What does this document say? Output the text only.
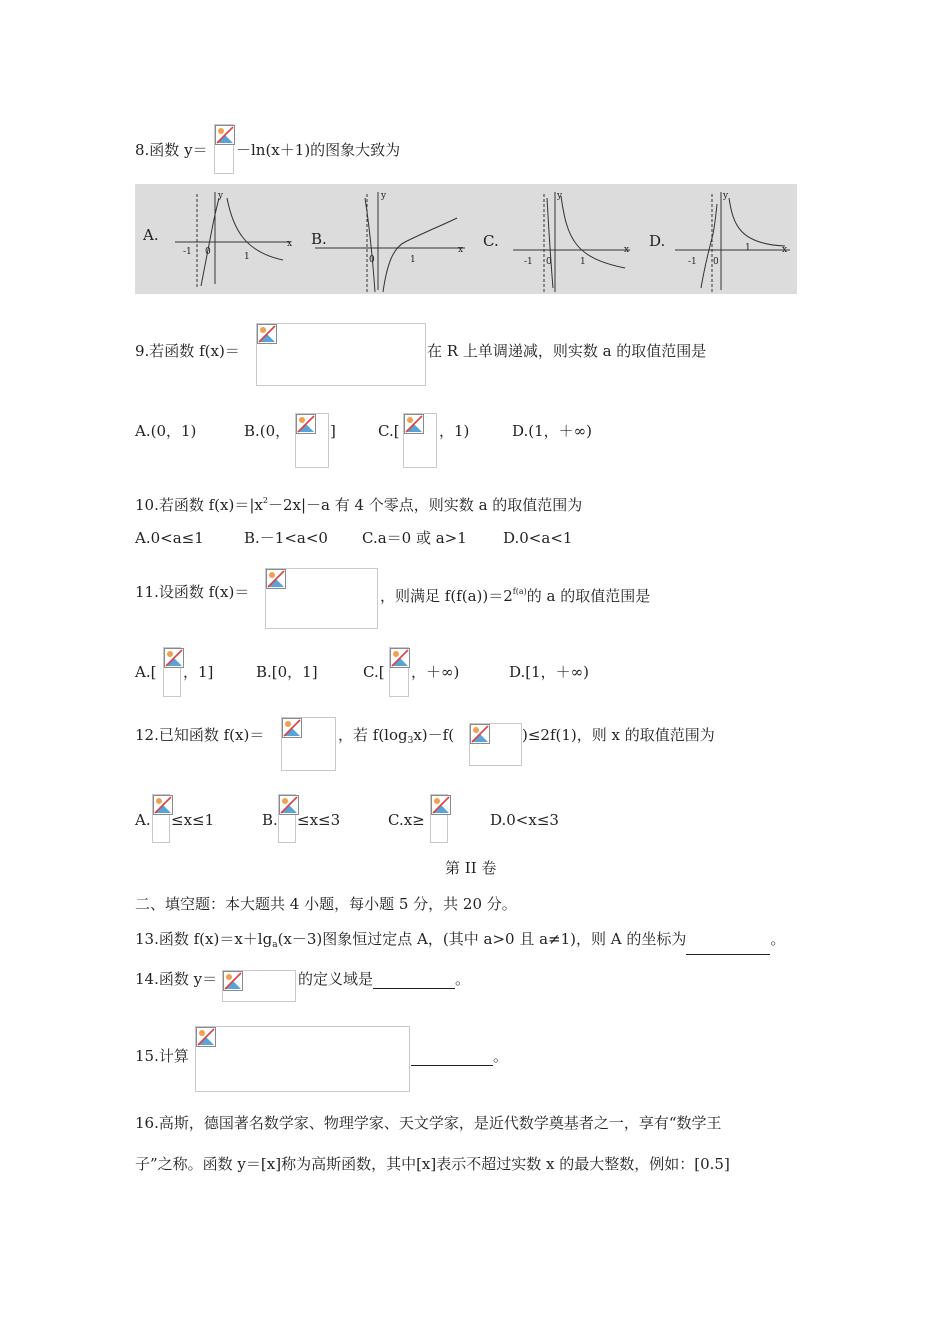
8.函数 y＝ －ln(x＋1)的图象大致为
A.	B.	C.	D.
9.若函数 f(x)＝	在 R 上单调递减，则实数 a 的取值范围是
A.(0，1)	B.(0，	]	C.[	，1)	D.(1，＋∞)
10.若函数 $f(x)=|x^2-2x|-a$ 有 4 个零点，则实数 a 的取值范围为
A.0<a≤1	B.－1<a<0 C.a＝0 或 a>1 D.0<a<1
11.设函数 f(x)＝	，则满足 $f(f(a))=2^{f(a)}$的 a 的取值范围是
A.[ ，1]	B.[0，1]	C.[ ，＋∞)	D.[1，＋∞)
12.已知函数 f(x)＝	，若 $f(\log_3x)-f$(	)≤2f(1)，则 x 的取值范围为
A. ≤x≤1	B. ≤x≤3	C.x≥	D.0<x≤3
第 II 卷
二、填空题：本大题共 4 小题，每小题 5 分，共 20 分。
13.函数 $f(x)=x+\lg_a(x-3)$图象恒过定点 A，(其中 a>0 且 a≠1)，则 A 的坐标为	。
14.函数 y＝	的定义域是	。
15.计算	。
16.高斯，德国著名数学家、物理学家、天文学家，是近代数学奠基者之一，享有“数学王
子”之称。函数 y＝[x]称为高斯函数，其中[x]表示不超过实数 x 的最大整数，例如：[0.5]
y
x
-1 0	1
y
x
0	1
y
x
-1 0	1
y
x
-1 0
1
